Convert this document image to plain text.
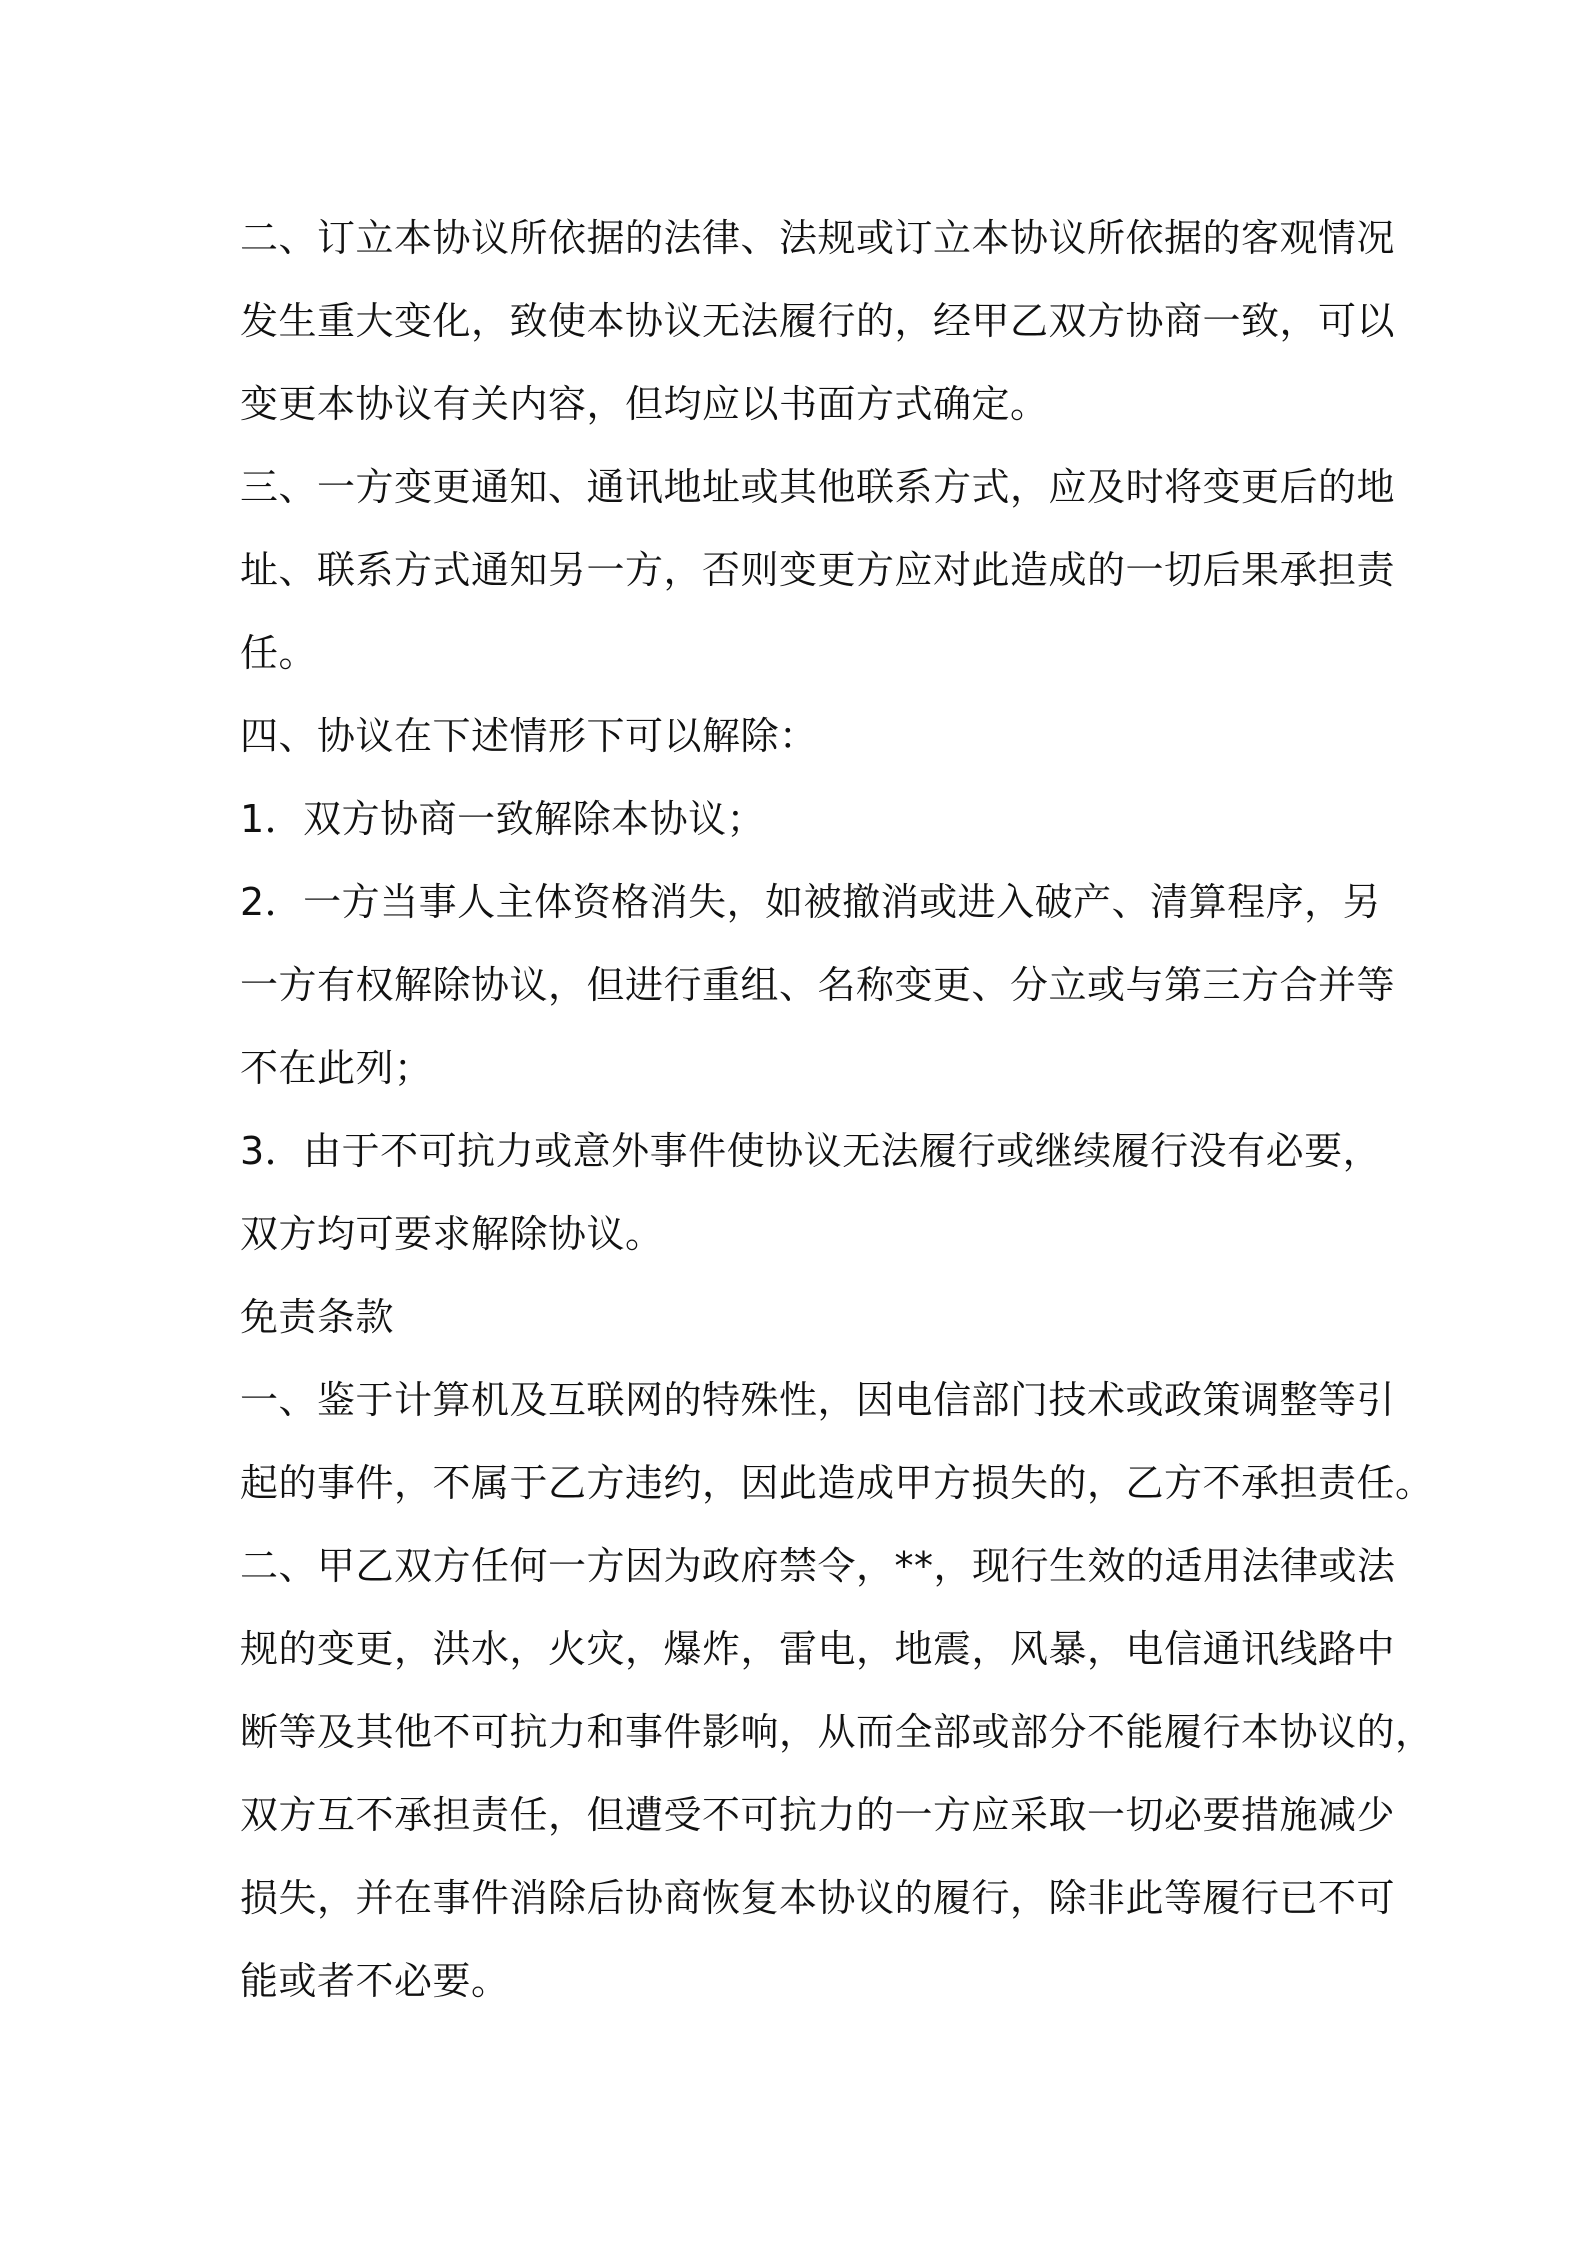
二、订立本协议所依据的法律、法规或订立本协议所依据的客观情况
发生重大变化，致使本协议无法履行的，经甲乙双方协商一致，可以
变更本协议有关内容，但均应以书面方式确定。
三、一方变更通知、通讯地址或其他联系方式，应及时将变更后的地
址、联系方式通知另一方，否则变更方应对此造成的一切后果承担责
任。
四、协议在下述情形下可以解除：
1．双方协商一致解除本协议；
2．一方当事人主体资格消失，如被撤消或进入破产、清算程序，另
一方有权解除协议，但进行重组、名称变更、分立或与第三方合并等
不在此列；
3．由于不可抗力或意外事件使协议无法履行或继续履行没有必要，
双方均可要求解除协议。
免责条款
一、鉴于计算机及互联网的特殊性，因电信部门技术或政策调整等引
起的事件，不属于乙方违约，因此造成甲方损失的，乙方不承担责任。
二、甲乙双方任何一方因为政府禁令，**，现行生效的适用法律或法
规的变更，洪水，火灾，爆炸，雷电，地震，风暴，电信通讯线路中
断等及其他不可抗力和事件影响，从而全部或部分不能履行本协议的，
双方互不承担责任，但遭受不可抗力的一方应采取一切必要措施减少
损失，并在事件消除后协商恢复本协议的履行，除非此等履行已不可
能或者不必要。
